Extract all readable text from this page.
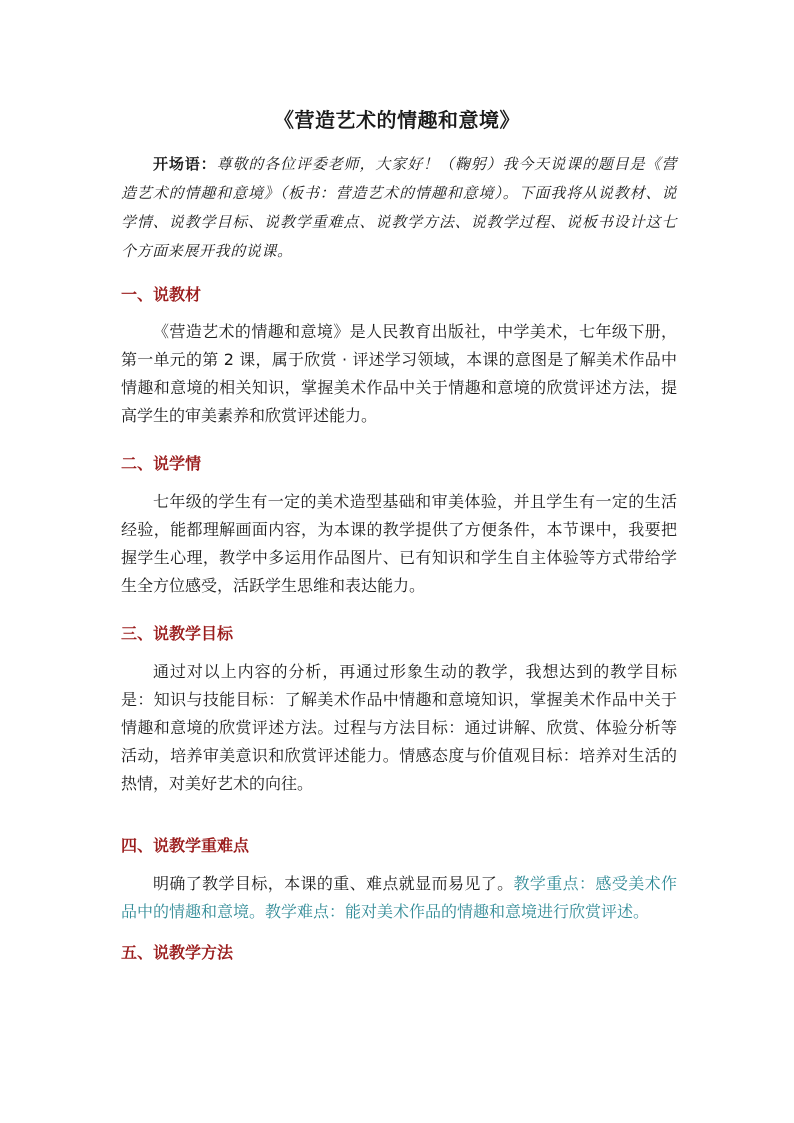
《营造艺术的情趣和意境》
开场语：尊敬的各位评委老师，大家好！（鞠躬）我今天说课的题目是《营造艺术的情趣和意境》（板书：营造艺术的情趣和意境）。下面我将从说教材、说学情、说教学目标、说教学重难点、说教学方法、说教学过程、说板书设计这七个方面来展开我的说课。
一、说教材
《营造艺术的情趣和意境》是人民教育出版社，中学美术，七年级下册，第一单元的第 2 课，属于欣赏 · 评述学习领域，本课的意图是了解美术作品中情趣和意境的相关知识，掌握美术作品中关于情趣和意境的欣赏评述方法，提高学生的审美素养和欣赏评述能力。
二、说学情
七年级的学生有一定的美术造型基础和审美体验，并且学生有一定的生活经验，能都理解画面内容，为本课的教学提供了方便条件，本节课中，我要把握学生心理，教学中多运用作品图片、已有知识和学生自主体验等方式带给学生全方位感受，活跃学生思维和表达能力。
三、说教学目标
通过对以上内容的分析，再通过形象生动的教学，我想达到的教学目标是：知识与技能目标：了解美术作品中情趣和意境知识，掌握美术作品中关于情趣和意境的欣赏评述方法。过程与方法目标：通过讲解、欣赏、体验分析等活动，培养审美意识和欣赏评述能力。情感态度与价值观目标：培养对生活的热情，对美好艺术的向往。
四、说教学重难点
明确了教学目标，本课的重、难点就显而易见了。教学重点：感受美术作品中的情趣和意境。教学难点：能对美术作品的情趣和意境进行欣赏评述。
五、说教学方法
